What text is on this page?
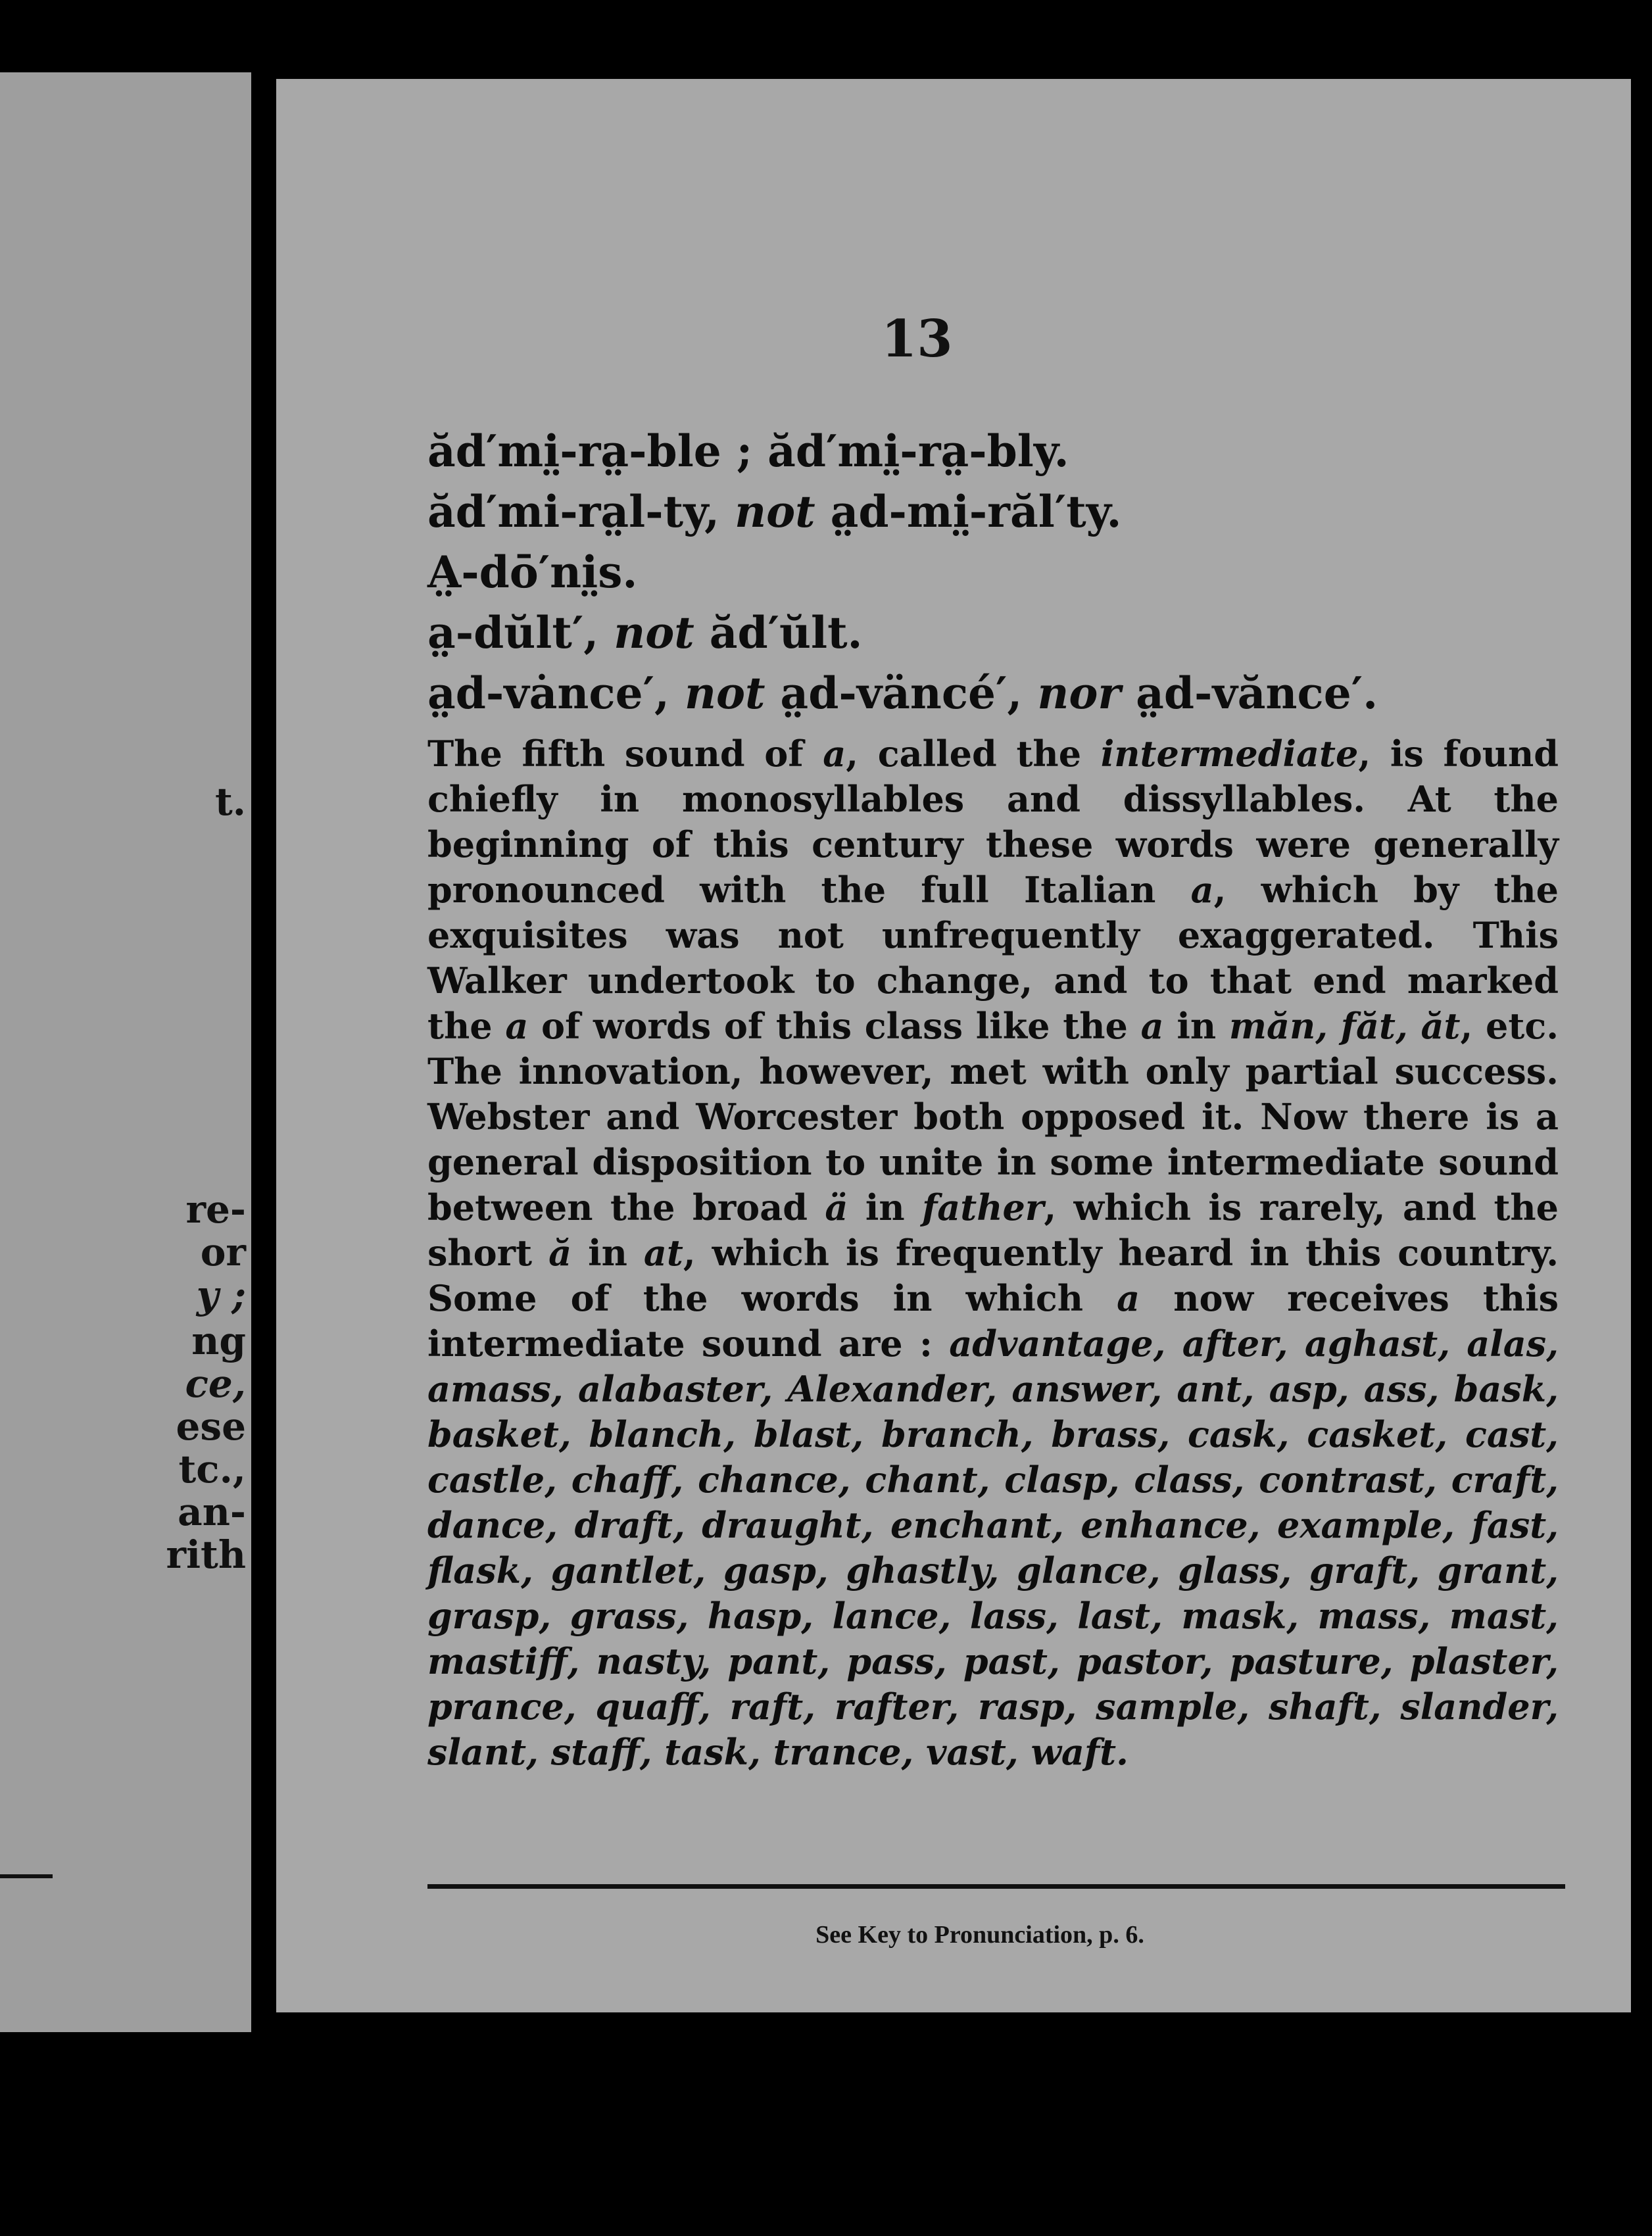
t.
re-
or
y ;
ng
ce,
ese
tc.,
an-
rith
13
ăd′mi̤-ra̤-ble ; ăd′mi̤-ra̤-bly.
ăd′mi-ra̤l-ty, not a̤d-mi̤-răl′ty.
A̤-dō′ni̤s.
a̤-dŭlt′, not ăd′ŭlt.
a̤d-vȧnce′, not a̤d-väncé′, nor a̤d-vănce′.

The fifth sound of a, called the intermediate, is found chiefly in monosyllables and dissyllables. At the beginning of this century these words were generally pronounced with the full Italian a, which by the exquisites was not unfrequently exaggerated. This Walker undertook to change, and to that end marked the a of words of this class like the a in măn, făt, ăt, etc. The innovation, however, met with only partial success. Webster and Worcester both opposed it. Now there is a general disposition to unite in some intermediate sound between the broad ä in father, which is rarely, and the short ă in at, which is frequently heard in this country. Some of the words in which a now receives this intermediate sound are : advantage, after, aghast, alas, amass, alabaster, Alexander, answer, ant, asp, ass, bask, basket, blanch, blast, branch, brass, cask, casket, cast, castle, chaff, chance, chant, clasp, class, contrast, craft, dance, draft, draught, enchant, enhance, example, fast, flask, gantlet, gasp, ghastly, glance, glass, graft, grant, grasp, grass, hasp, lance, lass, last, mask, mass, mast, mastiff, nasty, pant, pass, past, pastor, pasture, plaster, prance, quaff, raft, rafter, rasp, sample, shaft, slander, slant, staff, task, trance, vast, waft.

See Key to Pronunciation, p. 6.
